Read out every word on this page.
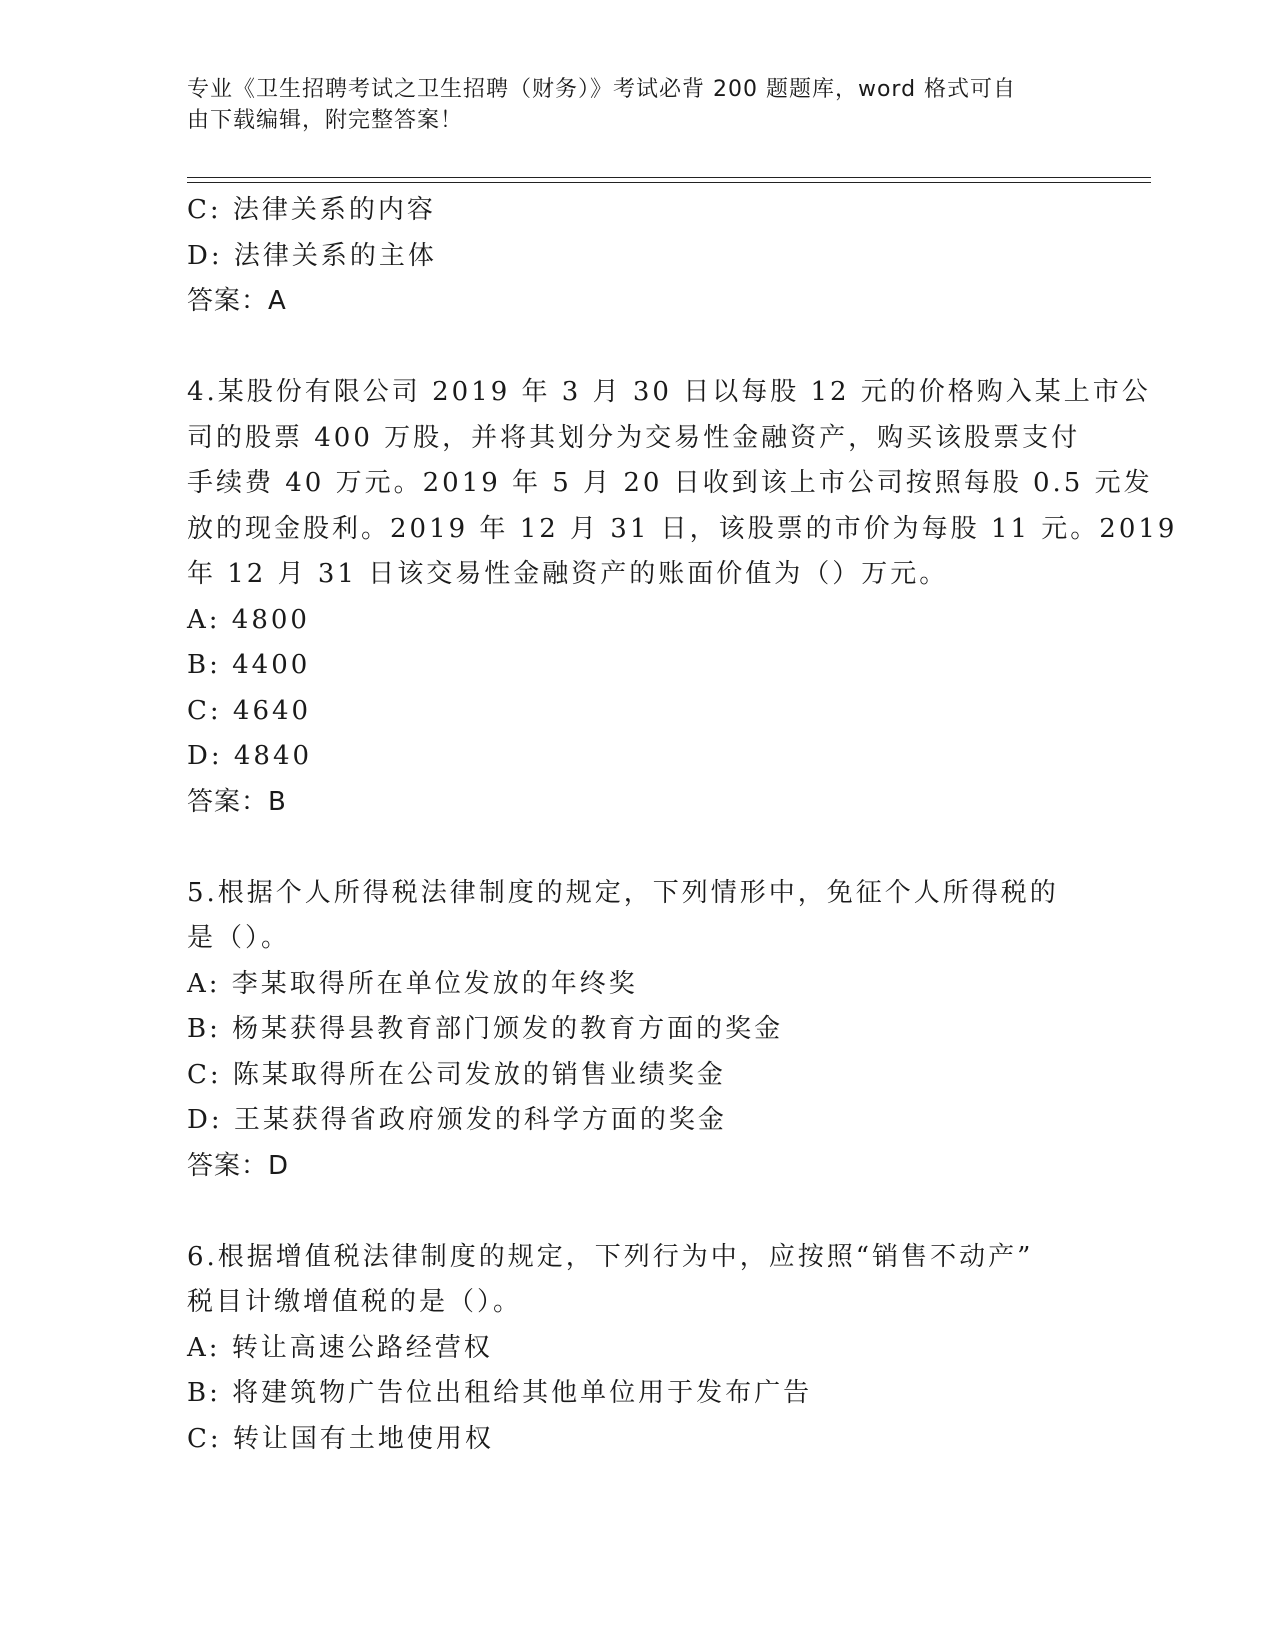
专业《卫生招聘考试之卫生招聘（财务）》考试必背 200 题题库，word 格式可自
由下载编辑，附完整答案！
C: 法律关系的内容
D: 法律关系的主体
答案：A
4.某股份有限公司 2019 年 3 月 30 日以每股 12 元的价格购入某上市公
司的股票 400 万股，并将其划分为交易性金融资产，购买该股票支付
手续费 40 万元。2019 年 5 月 20 日收到该上市公司按照每股 0.5 元发
放的现金股利。2019 年 12 月 31 日，该股票的市价为每股 11 元。2019
年 12 月 31 日该交易性金融资产的账面价值为（）万元。
A: 4800
B: 4400
C: 4640
D: 4840
答案：B
5.根据个人所得税法律制度的规定，下列情形中，免征个人所得税的
是（）。
A: 李某取得所在单位发放的年终奖
B: 杨某获得县教育部门颁发的教育方面的奖金
C: 陈某取得所在公司发放的销售业绩奖金
D: 王某获得省政府颁发的科学方面的奖金
答案：D
6.根据增值税法律制度的规定，下列行为中，应按照“销售不动产”
税目计缴增值税的是（）。
A: 转让高速公路经营权
B: 将建筑物广告位出租给其他单位用于发布广告
C: 转让国有土地使用权
